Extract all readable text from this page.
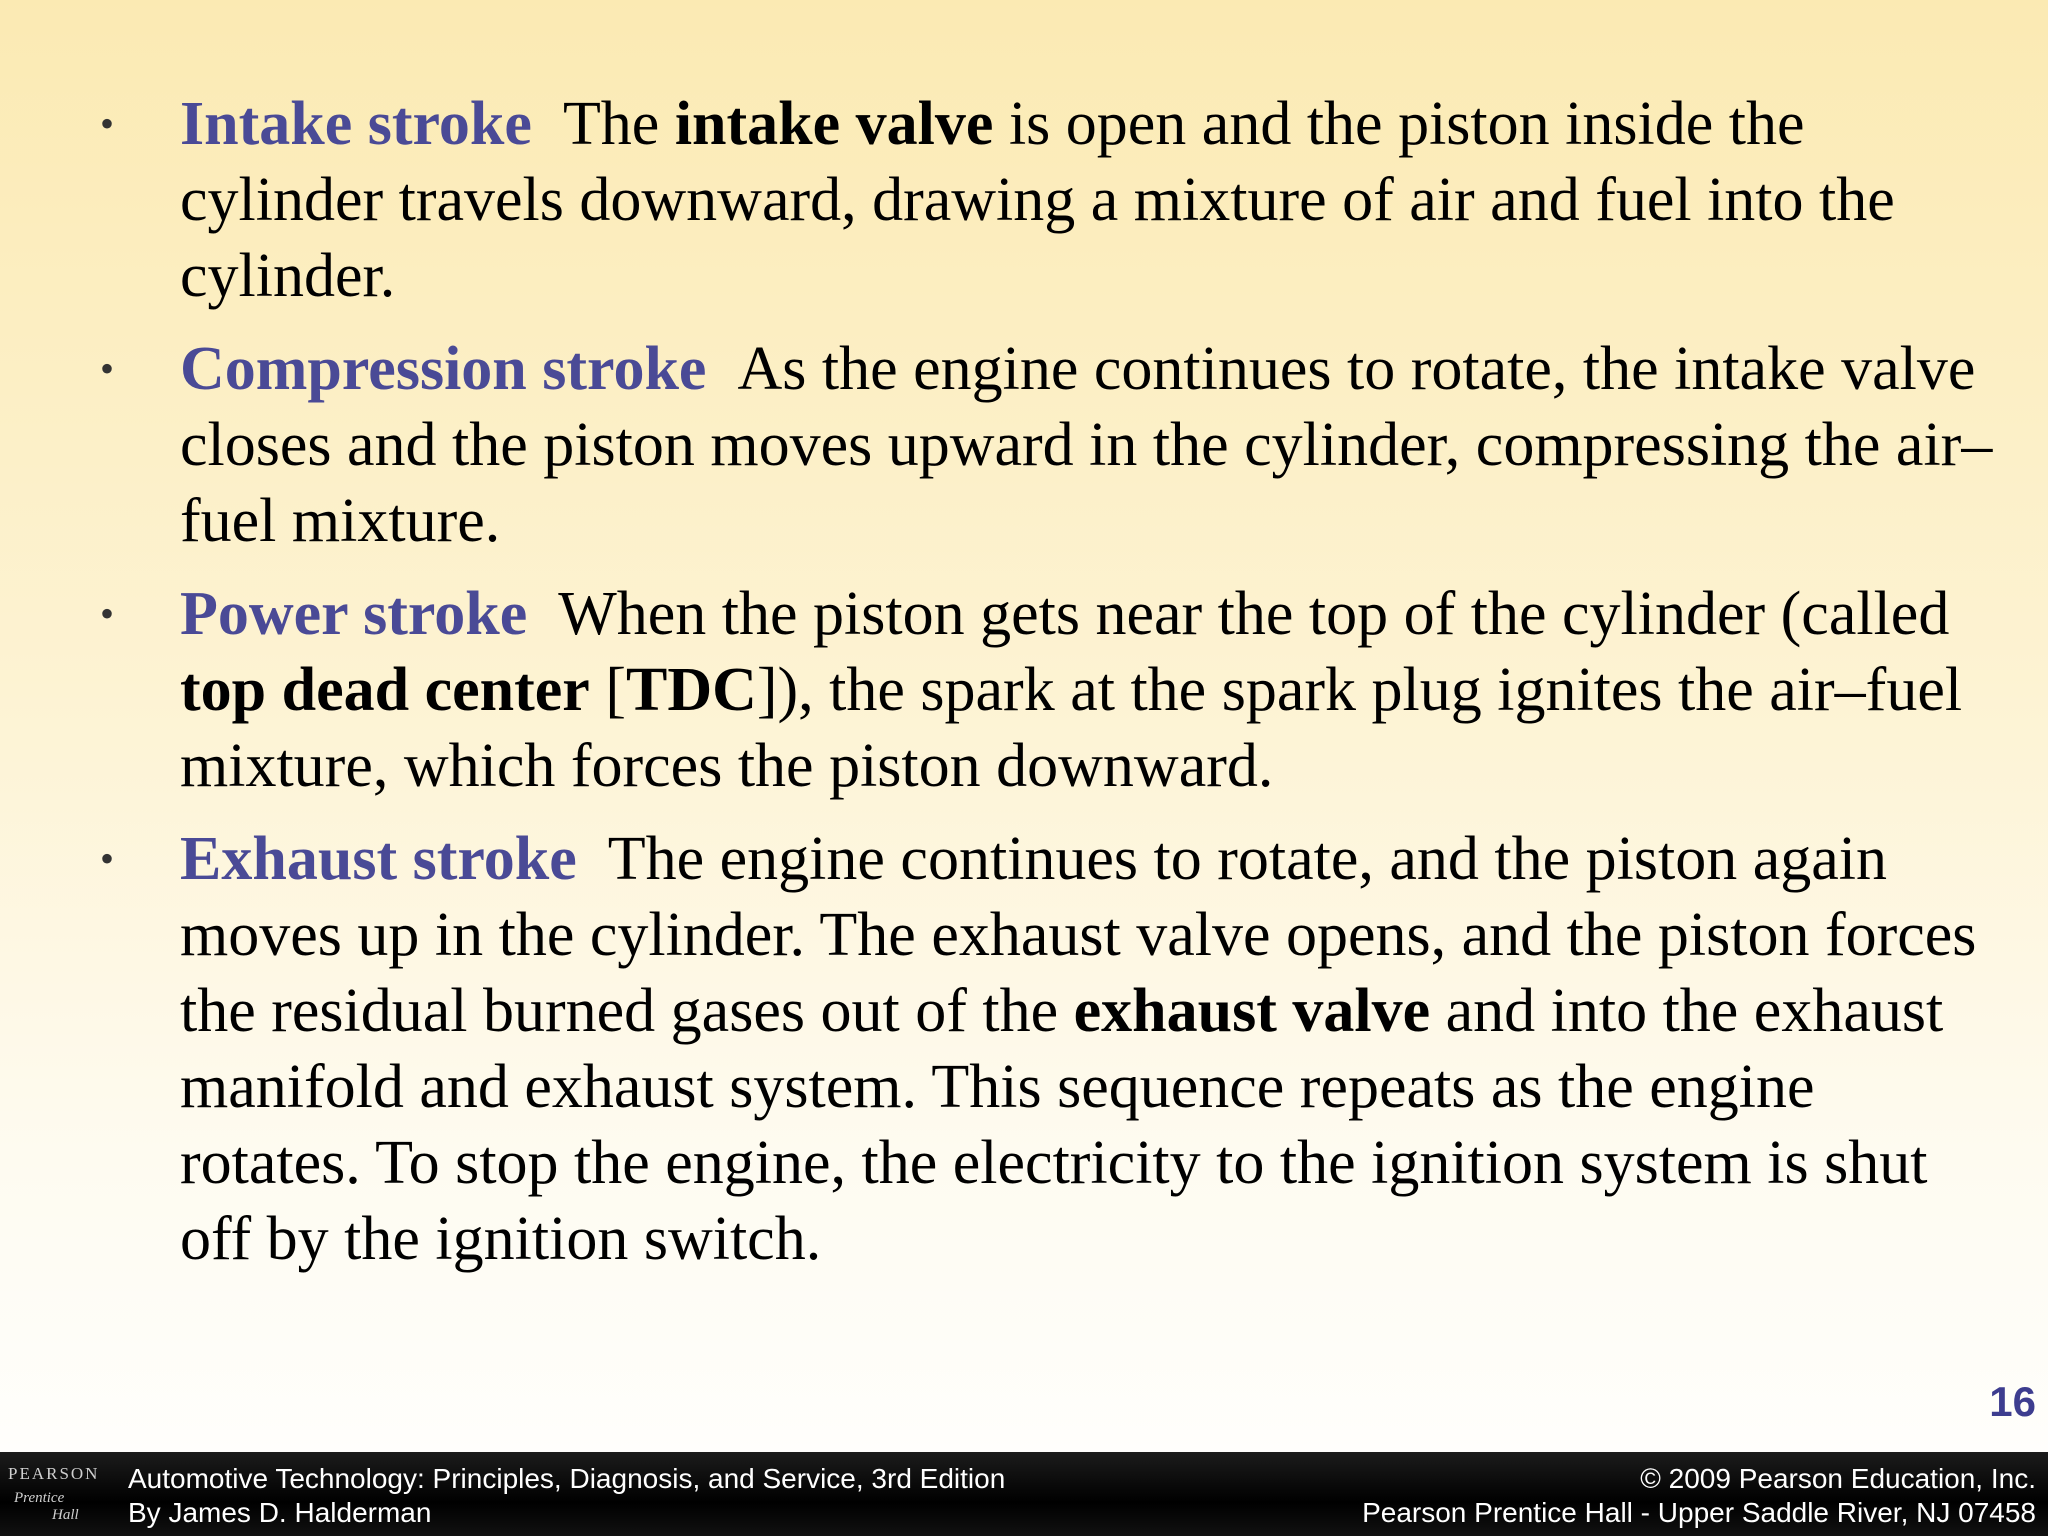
• Intake stroke The intake valve is open and the piston inside the cylinder travels downward, drawing a mixture of air and fuel into the cylinder.
• Compression stroke As the engine continues to rotate, the intake valve closes and the piston moves upward in the cylinder, compressing the air–fuel mixture.
• Power stroke When the piston gets near the top of the cylinder (called top dead center [TDC]), the spark at the spark plug ignites the air–fuel mixture, which forces the piston downward.
• Exhaust stroke The engine continues to rotate, and the piston again moves up in the cylinder. The exhaust valve opens, and the piston forces the residual burned gases out of the exhaust valve and into the exhaust manifold and exhaust system. This sequence repeats as the engine rotates. To stop the engine, the electricity to the ignition system is shut off by the ignition switch.
16
PEARSON
Prentice
Hall
Automotive Technology: Principles, Diagnosis, and Service, 3rd Edition
By James D. Halderman
© 2009 Pearson Education, Inc.
Pearson Prentice Hall - Upper Saddle River, NJ 07458
